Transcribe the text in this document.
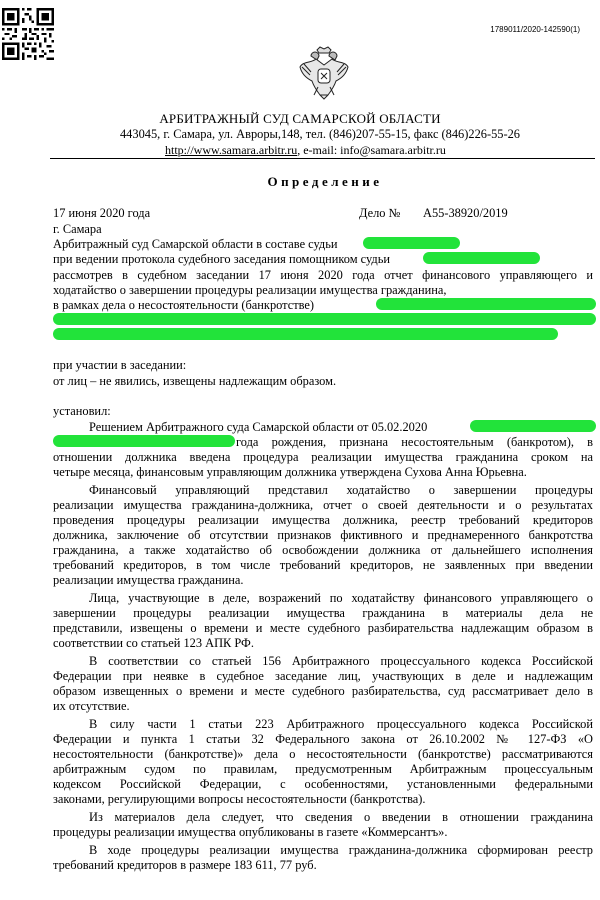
1789011/2020-142590(1)
АРБИТРАЖНЫЙ СУД САМАРСКОЙ ОБЛАСТИ
443045, г. Самара, ул. Авроры,148, тел. (846)207-55-15, факс (846)226-55-26
http://www.samara.arbitr.ru, e-mail: info@samara.arbitr.ru
Определение
17 июня 2020 года	Дело № А55-38920/2019
г. Самара
Арбитражный суд Самарской области в составе судьи
при ведении протокола судебного заседания помощником судьи
рассмотрев в судебном заседании 17 июня 2020 года отчет финансового управляющего и
ходатайство о завершении процедуры реализации имущества гражданина,
в рамках дела о несостоятельности (банкротстве)
при участии в заседании:
от лиц – не явились, извещены надлежащим образом.
установил:
Решением Арбитражного суда Самарской области от 05.02.2020
года рождения, признана несостоятельным (банкротом), в
отношении должника введена процедура реализации имущества гражданина сроком на
четыре месяца, финансовым управляющим должника утверждена Сухова Анна Юрьевна.
Финансовый управляющий представил ходатайство о завершении процедуры
реализации имущества гражданина-должника, отчет о своей деятельности и о результатах
проведения процедуры реализации имущества должника, реестр требований кредиторов
должника, заключение об отсутствии признаков фиктивного и преднамеренного банкротства
гражданина, а также ходатайство об освобождении должника от дальнейшего исполнения
требований кредиторов, в том числе требований кредиторов, не заявленных при введении
реализации имущества гражданина.
Лица, участвующие в деле, возражений по ходатайству финансового управляющего о
завершении процедуры реализации имущества гражданина в материалы дела не
представили, извещены о времени и месте судебного разбирательства надлежащим образом в
соответствии со статьей 123 АПК РФ.
В соответствии со статьей 156 Арбитражного процессуального кодекса Российской
Федерации при неявке в судебное заседание лиц, участвующих в деле и надлежащим
образом извещенных о времени и месте судебного разбирательства, суд рассматривает дело в
их отсутствие.
В силу части 1 статьи 223 Арбитражного процессуального кодекса Российской
Федерации и пункта 1 статьи 32 Федерального закона от 26.10.2002 № 127-ФЗ «О
несостоятельности (банкротстве)» дела о несостоятельности (банкротстве) рассматриваются
арбитражным судом по правилам, предусмотренным Арбитражным процессуальным
кодексом Российской Федерации, с особенностями, установленными федеральными
законами, регулирующими вопросы несостоятельности (банкротства).
Из материалов дела следует, что сведения о введении в отношении гражданина
процедуры реализации имущества опубликованы в газете «Коммерсантъ».
В ходе процедуры реализации имущества гражданина-должника сформирован реестр
требований кредиторов в размере 183 611, 77 руб.
